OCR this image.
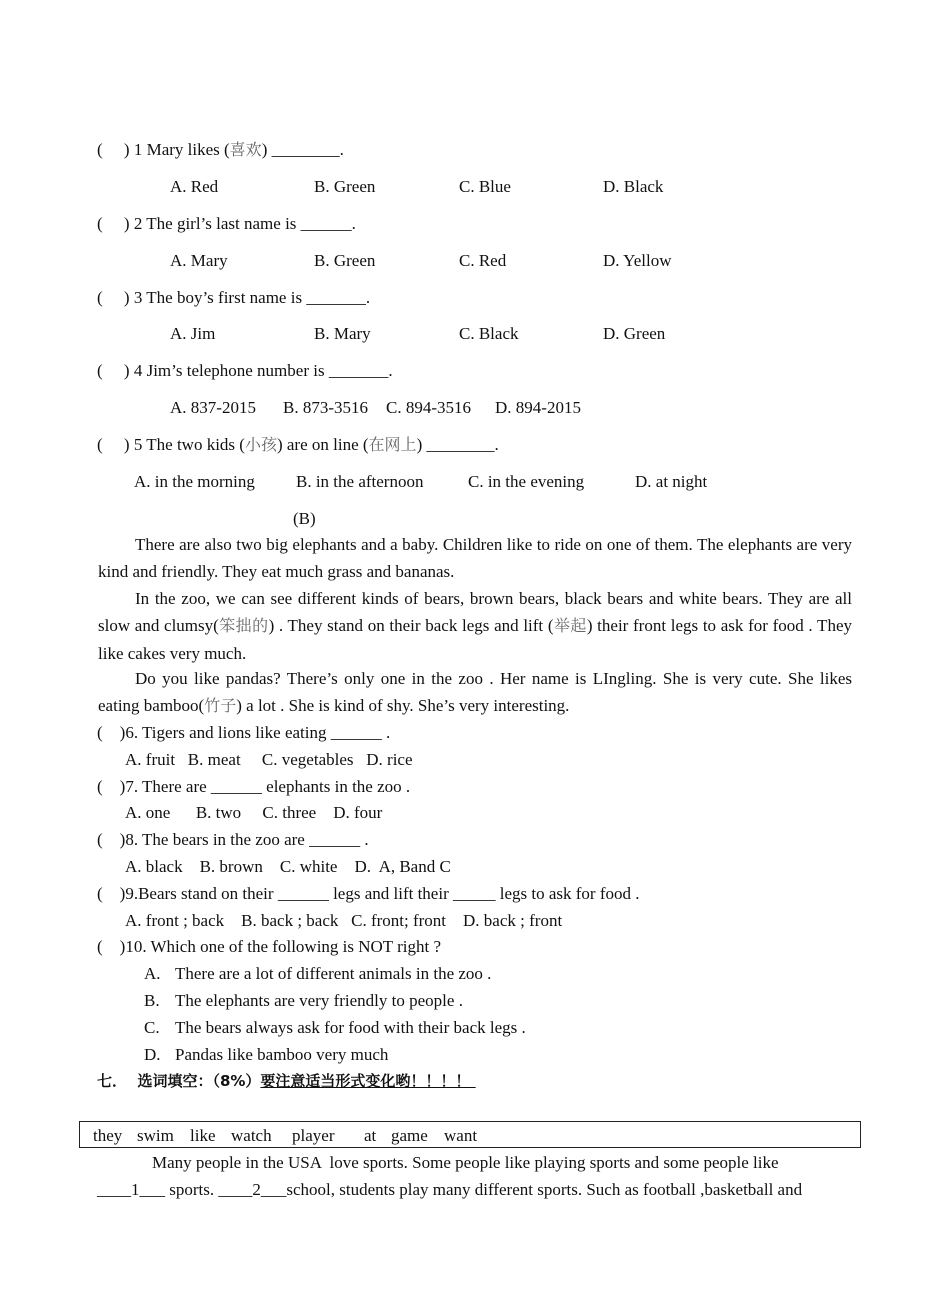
(     ) 1 Mary likes (喜欢) ________.
A. Red	B. Green	C. Blue	D. Black
(     ) 2 The girl’s last name is ______.
A. Mary	B. Green	C. Red	D. Yellow
(     ) 3 The boy’s first name is _______.
A. Jim	B. Mary	C. Black	D. Green
(     ) 4 Jim’s telephone number is _______.
A. 837-2015 B. 873-3516 C. 894-3516 D. 894-2015
(     ) 5 The two kids (小孩) are on line (在网上) ________.
A. in the morning B. in the afternoon	C. in the evening	D. at night
(B)
There are also two big elephants and a baby. Children like to ride on one of them. The elephants are very kind and friendly. They eat much grass and bananas.
In the zoo, we can see different kinds of bears, brown bears, black bears and white bears. They are all slow and clumsy(笨拙的) . They stand on their back legs and lift (举起) their front legs to ask for food . They like cakes very much.
Do you like pandas? There’s only one in the zoo . Her name is LIngling. She is very cute. She likes eating bamboo(竹子) a lot . She is kind of shy. She’s very interesting.
(    )6. Tigers and lions like eating ______ .
A. fruit   B. meat     C. vegetables   D. rice
(    )7. There are ______ elephants in the zoo .
A. one      B. two     C. three    D. four
(    )8. The bears in the zoo are ______ .
A. black    B. brown    C. white    D.  A, Band C
(    )9.Bears stand on their ______ legs and lift their _____ legs to ask for food .
A. front ; back    B. back ; back   C. front; front    D. back ; front
(    )10. Which one of the following is NOT right ?
A. There are a lot of different animals in the zoo .
B. The elephants are very friendly to people .
C. The bears always ask for food with their back legs .
D. Pandas like bamboo very much
七．  选词填空：（8%）要注意适当形式变化哟！！！！
they swim like watch player at game want
Many people in the USA  love sports. Some people like playing sports and some people like
____1___ sports. ____2___school, students play many different sports. Such as football ,basketball and
